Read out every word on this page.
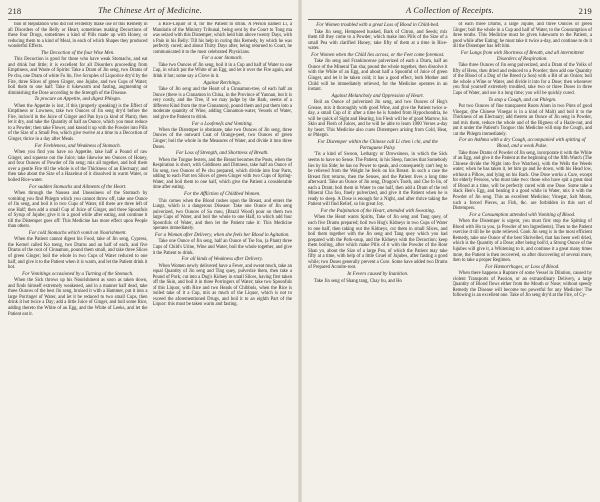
218	The Chinese Art of Medicine.

tion of Reputation who did not evidently make use of this Remedy in all Disorders of the Belly or Heart, sometimes making Decoctions of these four Drugs, sometimes a kind of Pills made up with Honey, or reducing them to a kind of Meal, in each of which Shapes they produced wonderful Effects.

The Decoction of the four Wise Men.

This Decoction is good for those who have weak Stomachs, and eat and drink but little; it is excellent for all Disorders proceeding from Emptiness, and Waste of Spirits: Take a Dram of Jin seng, two Drams of Pe chu, one Dram of white Fo lin, five Scruples of Liquorice dry'd by the Fire, three Slices of green Ginger, one Jujube, and two Cups of Water; boil them to one half: Take it lukewarm and fasting, augmenting or diminishing the Dose according to the Strength of the Disease.

To procure an Appetite, and digest Phlegm.

When the Appetite is lost, if this (properly speaking) is the Effect of Emptiness or Lowness, take two Ounces of Jin seng dry'd before the Fire, inclos'd in the Juice of Ginger and Pan hya (a kind of Plant), then let it dry, and take the Quantity of half an Ounce, which you must reduce to a Powder; then take Flower, and knead it up with the Powder into Pills of the Size of a Small Pea, which give twelve at a time in a Decoction of Ginger, thrice in a day after Meals.

For Feebleness, and Weakness of Stomach.

When you find you have no Appetite, take half a Pound of raw Ginger, and squeeze out the Juice; take likewise ten Ounces of Honey, and four Ounces of Powder of Jin seng; mix all together, and boil them over a gentle Fire till the whole is of the Thickness of an Electuary; and then take about the Size of a Hazelnut of it dissolved in warm Water, or boiled Rice-water.

For sudden Stomachs and Ailments of the Heart.

When through the Nausea and Uneasiness of the Stomach by vomiting you find Phlegm which you cannot throw off, take one Ounce of Jin seng, and boil it in two Cups of Water, till there are three left of one Half; then add a small Cup of Juice of Ginger, and three Spoonfuls of Syrup of Jujube; give it in a good while after eating, and continue it till the Distemper goes off: This Medicine has more effect upon People than others.

For cold Stomachs which vomit on Nourishment.

When the Patient cannot digest his Food, take of Jin seng, Cypress, the Kernel called Ko tseng, two Drams and an half of each, and five Drams of the root of Cinnamon, pound them small, and take three Slices of green Ginger; boil the whole in two Cups of Water reduced to one half, and give it to the Patient when it is warm, and let the Patient drink it hot.

For Vomitings occasioned by a Turning of the Stomach.

When the Sick throws up his Nourishment as soon as taken down, and finds himself extremely weakened, and in a manner half dead, take three Ounces of the best Jin seng, bruised it with a Hammer, put it into a large Porringer of Water, and let it be reduced to two small Cups, then drink it hot twice a Day; add a little Juice of Ginger, and boil some Rice, adding thereto the White of an Egg, and the White of Leeks, and let the Patient eat it.

a Rice-Liquor of it, for the Patient to drink. A Person named Li, a Mandarin of the Ministry Tribunal, being sent by the Court to Tong ma was seized with this Distemper, which held him above twenty Days, with a Pain in his Belly: Till his help in curing this Remedy, by which he was perfectly cured; and about Thirty Days after, being returned to Court, he communicated it to the most celebrated Physicians.

For a sour Stomach.

Take two Ounces of Jin seng, boil it in a Cup and half of Water to one Cup, in which put the White of an Egg, and let it over the Fire again, and drink it hot; some say a Clove in it.

Against Retchings.

Take of Jin seng and the Heart of a Cinnamon-tree, of each half an Ounce (there is a Cinnamon in China, in the Province of Yunnan, but it is very costly, and the Tree, if we may judge by the Bark, seems of a different Kind from the true Cinnamon), pound them and put them into a moderate quantity of Wine, adding Cinnamon-water, Vessels of Water, and give the Patient to drink.

For a Loofeneſs and Vomiting.

When the Distemper is obstinate, take two Ounces of Jin seng, three Ounces of the outward Coat of Orange-peel, two Ounces of green Ginger; boil the whole in the Measures of Water, and divide it into three Doses.

For Loss of Strength, and Shortness of Breath.

When the Tongue festers, and the Breast becomes the Posts, when the Respiration is short, with Giddiness and Dimness, take half an Ounce of Jin seng, two Ounces of Pe chu prepared, which divide into four Parts, adding to each Part ten Slices of green Ginger with two Cups of Spring-Water, and boil them to one half, which give the Patient a considerable time after eating.

For the Affliction of Childbed Women.

This comes when the Blood rushes upon the Breast, and enters the Lungs, which is a dangerous Disease: Take one Ounce of Jin seng pulverized, two Ounces of Su mou, (Brazil Wood) pour on them two large Cups of Water, and boil the whole to one Half, to which add four Spoonfuls of Water, and then let the Patient take it: This Medicine operates immediately.

For a Woman after Delivery, when she feels her Blood in Agitation.

Take one Ounce of Jin seng, half an Ounce of Tse fou, (a Plant) three Cups of Child's Urine, Wine and Water, boil the whole together, and give it the Patient to drink.

For all kinds of Weakness after Delivery.

When Women newly delivered have a Fever, and sweat much, take an equal Quantity of Jin seng and Ting quey, pulverize them, then take a Pound of Pork; cut into a Dog's Kidney in small Slices, having first taken off the Skin, and boil it in three Porringers of Water; take two Spoonfuls of this Liquor, with Rice and two Heads of Chibbols, when the Rice is boiled take of it a Cup, mix as much of the Liquor, which is not to exceed the aforementioned Drugs, and boil it to an eighth Part of the Liquor: this must be taken warm and fasting.

A Collection of Receipts.	219
For Women troubled with a great Loss of Blood in Child-bed.

Take Jin seng, Hempseed husked, Bark of Citron, and Seeds; mix them till they come to a Powder, which make into Pills of the Size of a small Pea with clarified Honey; take fifty of them at a time in Rice-water.

For Women when the Child lies across, or the Feet come foremost.

Take Jin seng and Frankincense pulverized of each a Dram, half an Ounce of the Mineral Tan sha; pound the whole together, then dissolve it with the White of an Egg, and about half a Spoonful of Juice of green Ginger, and let it be taken cold; it has a good effect, both Mother and Child will be immediately relieved, for the Medicine operates in an instant.

Against Melancholy and Oppression of Heart.

Boil an Ounce of pulverized Jin seng, and two Ounces of Hog's Grease, mix it thoroughly with good Wine, and give the Patient twice a-day, a small Cup of it: after a time he is funded from Hypochondria, he will be quick of Sight and Hearing, his Flesh will be of good Marrow, his Skin and Flesh of Juices, and he will be able to learn 1000 Verses a-day by heart. This Medicine also cures Distempers arising from Cold, Heat, or Phlegm.

For Distemper within the Chinese call Li chen i chi, and the Portuguese Palsy.

'Tis a kind of Swoon, Lethargy or Drowsiness, in which the Sick seems to have no Sense. The Patient, in his Sleep, fancies that Somebody lies by his Side; he has no Power to speak, and consequently can't beg to be relieved from the Weight he feels on his Breast. In such a case the Breast first returns, then the Senses, and the Patient lives a long time afterward. Take an Ounce of Jin seng, Dragon's Tooth, and Che fo lin, of each a Dram; boil them in Water to one half, then add a Dram of the red Mineral Cha fou, finely pulverized, and give it the Patient when he is ready to sleep. A Dose is enough for a Night, and after thrice taking the Patient will find Relief, so his great Joy.

For the Palpitation of the Heart, attended with Sweating.

When the Heart wants Spirits, Take of Jin seng and Tang quey, of each five Drams prepared; boil two Hog's Kidneys in two Cups of Water to one half, then taking out the Kidneys, cut them in small Slices, and boil them together with the Jin seng and Tang quey which you had prepared with the Pork-soup, and the Kidneys with the Decoction; keep them boiling, after which make Pills of it with the Powder of the Root Shan yo, about the Size of a large Pea, of which the Patient may take fifty at a time, with help of a little Gruel of Jujubes, after fasting a good while; two Doses generally prevent a Cure. Some have added two Drams of Prepared Aconite-root.

In Fevers caused by Inanition.

Take Jin seng of Shang tang, Chay hu, and Ho

of each three Drams, a large Jujube, and three Ounces of green Ginger; boil the whole in a Cup and half of Water, to the Consumption of three tenths. This Medicine must be given lukewarm to the Patient, a good while after Eating; he must take it twice a-day, and continue to do it till the Distemper has left him.

For Lungs from with Shortness of Breath, and all intermittent Disorders of Respiration.

Take three Ounces of Jin seng pulverized, and a Dram of the Yolks of fifty of Hens, then dried and reduced to a Powder; then add one Quantity of the Blood of a Dog of the Breed (a Son) with a Bit of an Onion; boil the whole a Wine or Water, and divide it into for a Dose; then whenever you find yourself extremely troubled, take two or three Doses in three Cups of Water, and use it a long time; you will be quickly cured.

To stop a Cough, and cut Phlegm.

Put two Ounces of fine transparent Roots Alum in two Pints of good Vinegar, (the Chinese Vinegar is in a kind of Malt) and boil it to the Thickness of an Electuary; add thereto an Ounce of Jin seng in Powder, and mix them, reduce the whole and of the Bigness of a Hazle-nut, and put it under the Patient's Tongue: this Medicine will stop the Cough, and cut the Phlegm immediately.

For an Asthma with a dry Cough, accompanied with spitting of Blood, and a weak Pulse.

Take three Drams of Powder of Jin seng, incorporate it with the White of an Egg, and give it the Patient at the beginning of the fifth Watch (The Chinese divide the Night into five Watches), with the Wells the Weeds water; when he has taken it, let him go and lie down, with his Head low, without a Pillow, and lying on his Back. One Dose works a Cure, except for elderly Persons, who must take two: those who have spit a great deal of Blood at a time, will be perfectly cured with one Dose. Some take a black Hen's Egg, and beating it a good while in Water, mix it with the Powder of Jin seng. This an excellent Medicine; Vinegar, Salt Meats, such a forced Pieces, as Fish, &c. are forbidden in this sort of Distempers.

For a Consumption attended with Vomiting of Blood.

When the Distemper is urgent, you must first stop the Spitting of Blood with Ho ta you, (a Powder of ten Ingredients). Then to the Patient exercise it till he be quite relieved. Cook Jin seng is in the most efficient Remedy, take one Ounce of the best Shrivelled, that has been well dried, which is the Quantity of a Dose; after being boil'd, a Strong Ounce of the Jujubes will give it, a Whitening to it, and continue it a great many times more, the Patient is then recovered, so after discovering of several more, then to take a proper Regimen.

For Hæmorrhages, or Loss of Blood.

When there happens a Rupture of some Vessel in Dilution, caused by violent Transports of Passion, or an extraordinary Delivery, a large Quantity of Blood flows either from the Mouth or Nose; without speedy Remedy the Disease will become too powerful for any Medicine: The following is an excellent one. Take of Jin seng dry'd at the Fire, of Cy-
